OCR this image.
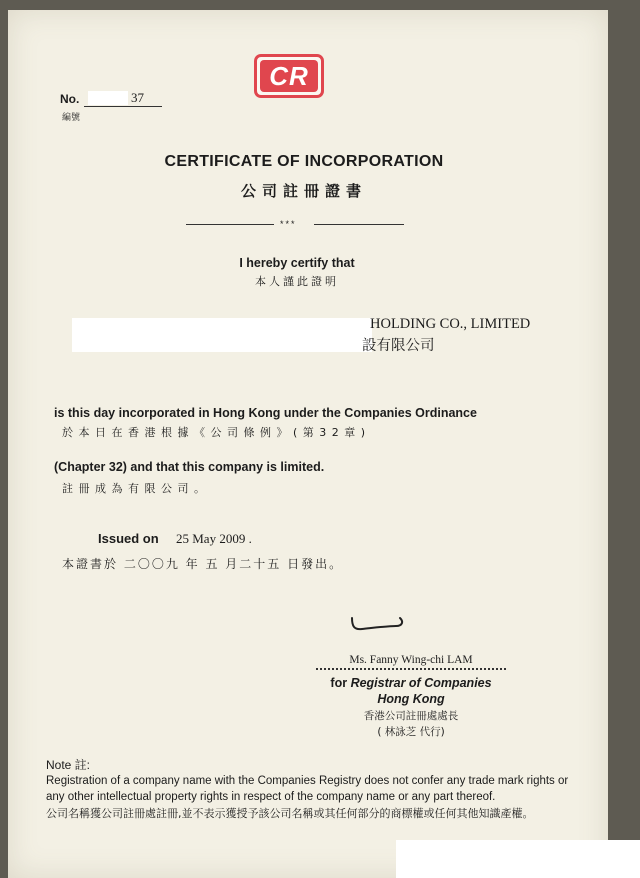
CR
No.	37
編號
CERTIFICATE OF INCORPORATION
公司註冊證書
***
I hereby certify that
本人謹此證明
HOLDING CO., LIMITED
設有限公司
is this day incorporated in Hong Kong under the Companies Ordinance
於本日在香港根據《公司條例》(第32章)
(Chapter 32) and that this company is limited.
註冊成為有限公司。
Issued on 25 May 2009 .
本證書於 二〇〇九 年 五 月二十五 日發出。
Ms. Fanny Wing-chi LAM
for Registrar of Companies
Hong Kong
香港公司註冊處處長
( 林詠芝 代行)
Note 註:
Registration of a company name with the Companies Registry does not confer any trade mark rights or any other intellectual property rights in respect of the company name or any part thereof.
公司名稱獲公司註冊處註冊,並不表示獲授予該公司名稱或其任何部分的商標權或任何其他知識產權。
